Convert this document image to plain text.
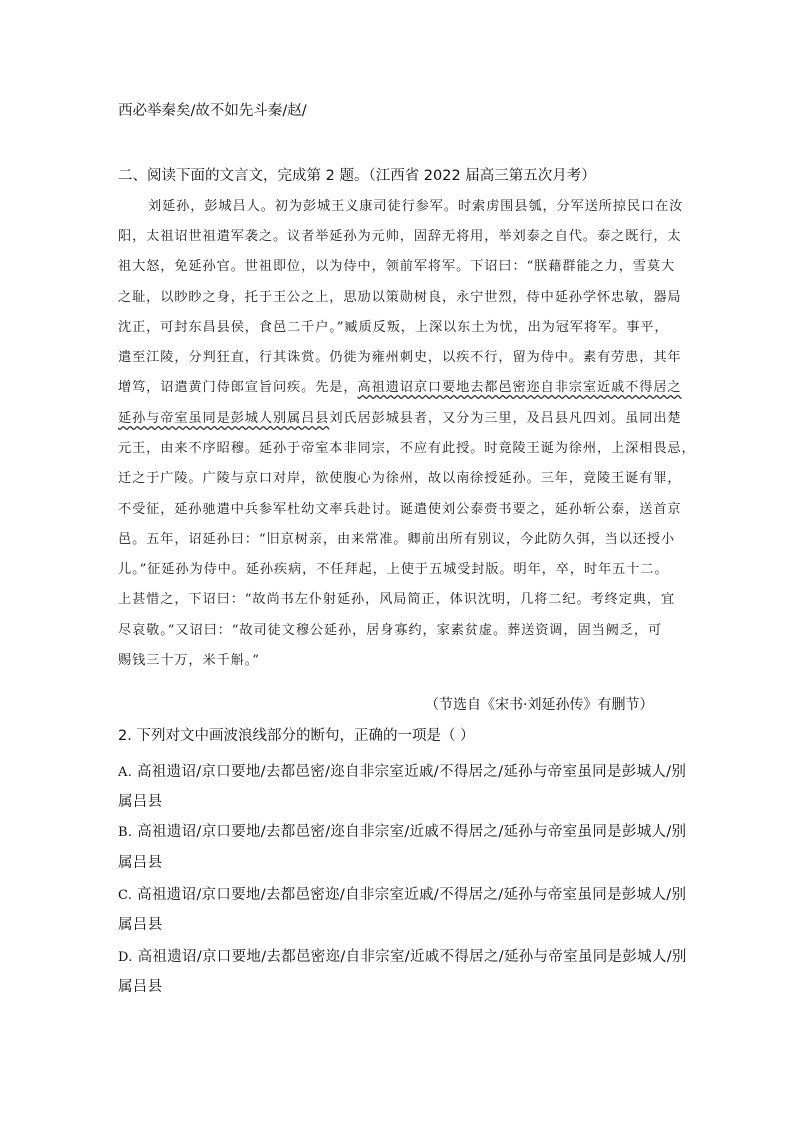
西必举秦矣/故不如先斗秦/赵/
二、阅读下面的文言文，完成第 2 题。（江西省 2022 届高三第五次月考）
刘延孙，彭城吕人。初为彭城王义康司徒行参军。时索虏围县瓠，分军送所掠民口在汝
阳，太祖诏世祖遣军袭之。议者举延孙为元帅，固辞无将用，举刘泰之自代。泰之既行，太
祖大怒，免延孙官。世祖即位，以为侍中，领前军将军。下诏曰：“朕藉群能之力，雪莫大
之耻，以眇眇之身，托于王公之上，思劢以策勋树良，永宁世烈，侍中延孙学怀忠敏，器局
沈正，可封东昌县侯，食邑二千户。”臧质反叛，上深以东土为忧，出为冠军将军。事平，
遣至江陵，分判狂直，行其诛赏。仍徙为雍州刺史，以疾不行，留为侍中。素有劳患，其年
增笃，诏遣黄门侍郎宣旨问疾。先是，高祖遗诏京口要地去都邑密迩自非宗室近戚不得居之
延孙与帝室虽同是彭城人别属吕县刘氏居彭城县者，又分为三里，及吕县凡四刘。虽同出楚
元王，由来不序昭穆。延孙于帝室本非同宗，不应有此授。时竟陵王诞为徐州，上深相畏忌，
迁之于广陵。广陵与京口对岸，欲使腹心为徐州，故以南徐授延孙。三年，竟陵王诞有罪，
不受征，延孙驰遣中兵参军杜幼文率兵赴讨。诞遣使刘公泰赍书要之，延孙斩公泰，送首京
邑。五年，诏延孙曰：“旧京树亲，由来常准。卿前出所有别议，今此防久弭，当以还授小
儿。”征延孙为侍中。延孙疾病，不任拜起，上使于五城受封版。明年，卒，时年五十二。
上甚惜之，下诏曰：“故尚书左仆射延孙，风局简正，体识沈明，几将二纪。考终定典，宜
尽哀敬。”又诏曰：“故司徒文穆公延孙，居身寡约，家素贫虚。葬送资调，固当阙乏，可
赐钱三十万，米千斛。”
（节选自《宋书·刘延孙传》有删节）
2. 下列对文中画波浪线部分的断句，正确的一项是（ ）
A. 高祖遗诏/京口要地/去都邑密/迩自非宗室近戚/不得居之/延孙与帝室虽同是彭城人/别
属吕县
B. 高祖遗诏/京口要地/去都邑密/迩自非宗室/近戚不得居之/延孙与帝室虽同是彭城人/别
属吕县
C. 高祖遗诏/京口要地/去都邑密迩/自非宗室近戚/不得居之/延孙与帝室虽同是彭城人/别
属吕县
D. 高祖遗诏/京口要地/去都邑密迩/自非宗室/近戚不得居之/延孙与帝室虽同是彭城人/别
属吕县
